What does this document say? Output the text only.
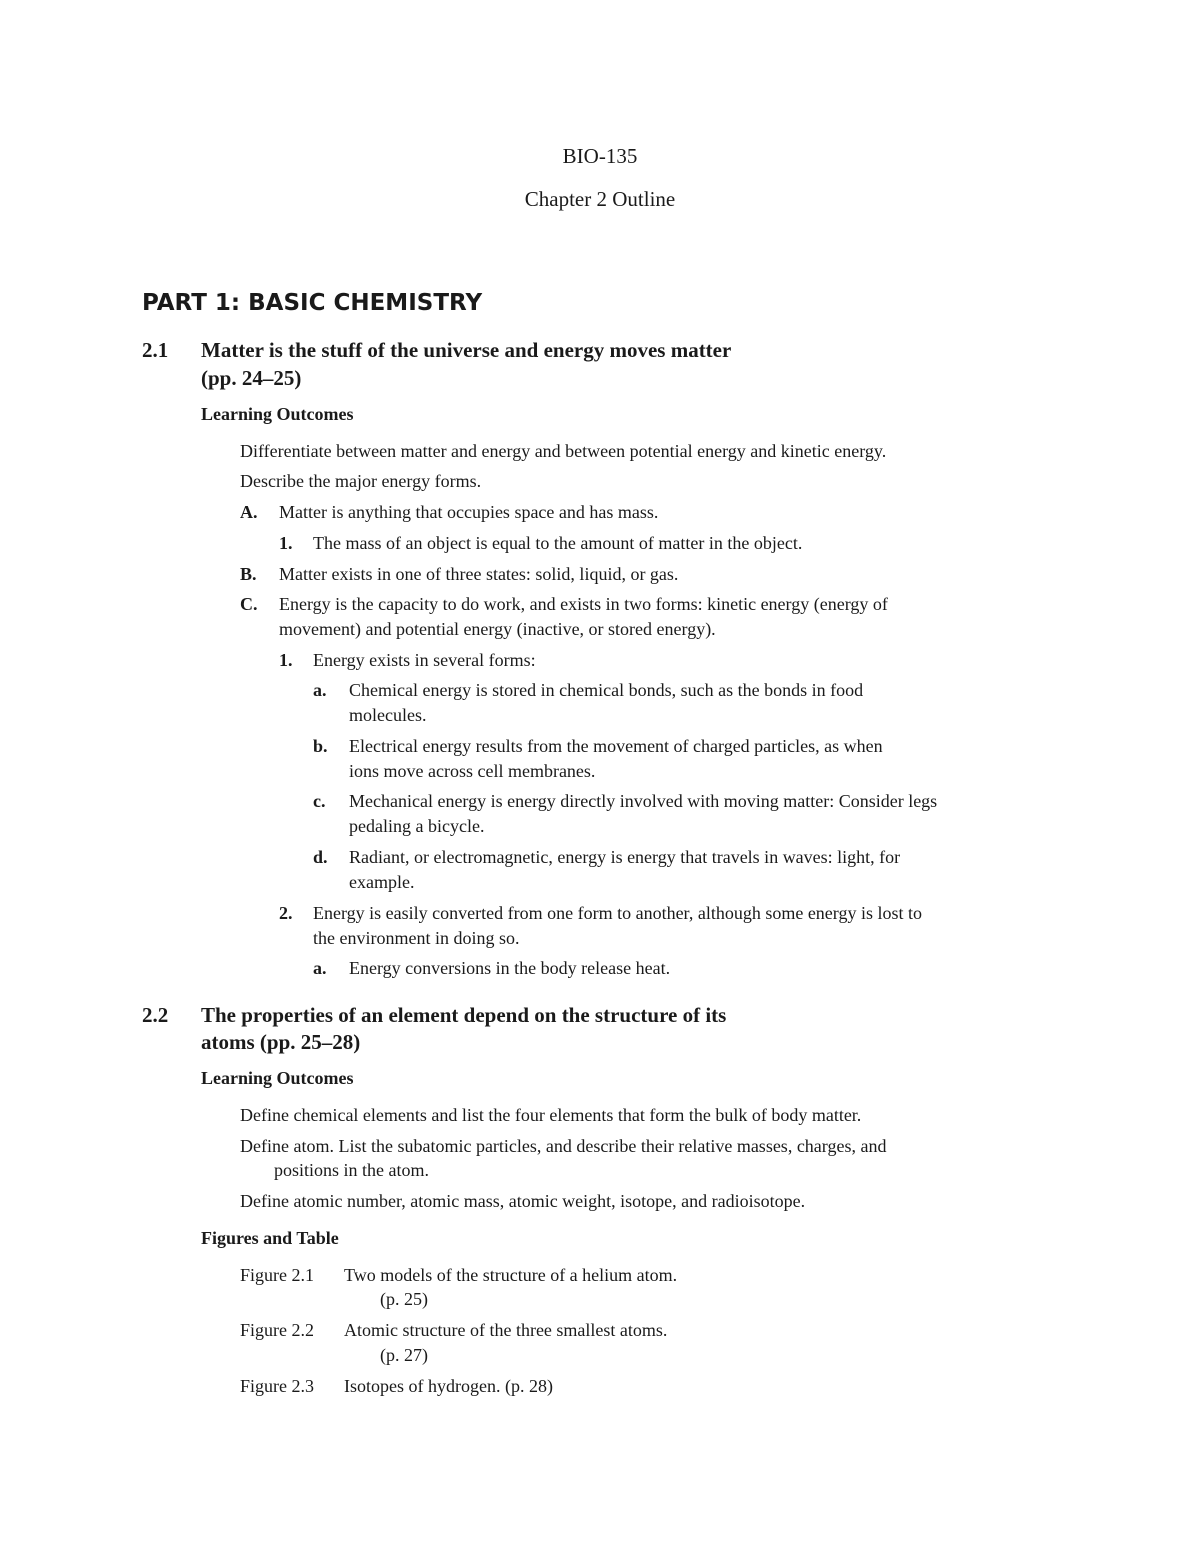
BIO-135
Chapter 2 Outline
PART 1: BASIC CHEMISTRY
2.1 Matter is the stuff of the universe and energy moves matter
(pp. 24–25)
Learning Outcomes
Differentiate between matter and energy and between potential energy and kinetic energy.
Describe the major energy forms.
A. Matter is anything that occupies space and has mass.
1. The mass of an object is equal to the amount of matter in the object.
B. Matter exists in one of three states: solid, liquid, or gas.
C. Energy is the capacity to do work, and exists in two forms: kinetic energy (energy of
movement) and potential energy (inactive, or stored energy).
1. Energy exists in several forms:
a. Chemical energy is stored in chemical bonds, such as the bonds in food
molecules.
b. Electrical energy results from the movement of charged particles, as when
ions move across cell membranes.
c. Mechanical energy is energy directly involved with moving matter: Consider legs
pedaling a bicycle.
d. Radiant, or electromagnetic, energy is energy that travels in waves: light, for
example.
2. Energy is easily converted from one form to another, although some energy is lost to
the environment in doing so.
a. Energy conversions in the body release heat.
2.2 The properties of an element depend on the structure of its
atoms (pp. 25–28)
Learning Outcomes
Define chemical elements and list the four elements that form the bulk of body matter.
Define atom. List the subatomic particles, and describe their relative masses, charges, and
positions in the atom.
Define atomic number, atomic mass, atomic weight, isotope, and radioisotope.
Figures and Table
Figure 2.1 Two models of the structure of a helium atom.
(p. 25)
Figure 2.2 Atomic structure of the three smallest atoms.
(p. 27)
Figure 2.3 Isotopes of hydrogen. (p. 28)
